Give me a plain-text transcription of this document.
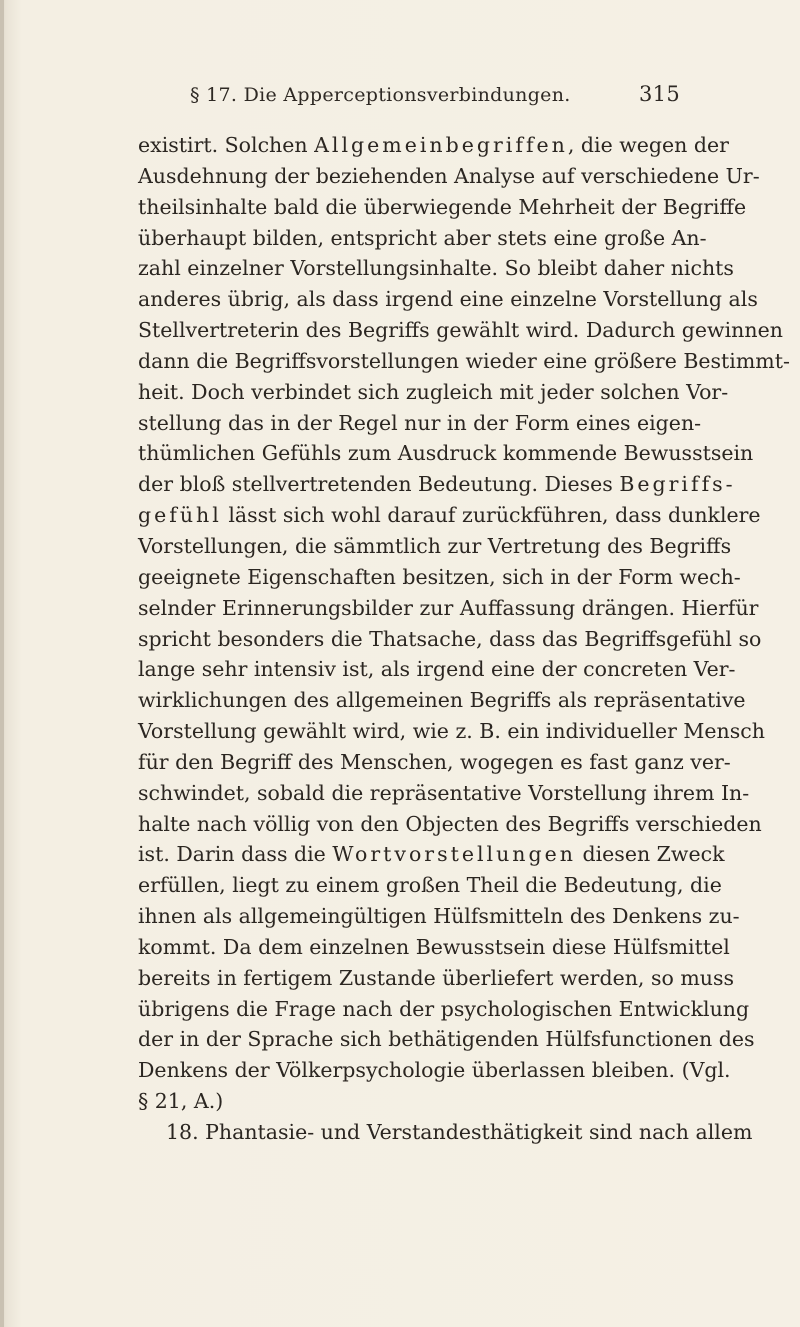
§ 17. Die Apperceptionsverbindungen.	315
existirt. Solchen Allgemeinbegriffen, die wegen der
Ausdehnung der beziehenden Analyse auf verschiedene Ur-
theilsinhalte bald die überwiegende Mehrheit der Begriffe
überhaupt bilden, entspricht aber stets eine große An-
zahl einzelner Vorstellungsinhalte. So bleibt daher nichts
anderes übrig, als dass irgend eine einzelne Vorstellung als
Stellvertreterin des Begriffs gewählt wird. Dadurch gewinnen
dann die Begriffsvorstellungen wieder eine größere Bestimmt-
heit. Doch verbindet sich zugleich mit jeder solchen Vor-
stellung das in der Regel nur in der Form eines eigen-
thümlichen Gefühls zum Ausdruck kommende Bewusstsein
der bloß stellvertretenden Bedeutung. Dieses Begriffs-
gefühl lässt sich wohl darauf zurückführen, dass dunklere
Vorstellungen, die sämmtlich zur Vertretung des Begriffs
geeignete Eigenschaften besitzen, sich in der Form wech-
selnder Erinnerungsbilder zur Auffassung drängen. Hierfür
spricht besonders die Thatsache, dass das Begriffsgefühl so
lange sehr intensiv ist, als irgend eine der concreten Ver-
wirklichungen des allgemeinen Begriffs als repräsentative
Vorstellung gewählt wird, wie z. B. ein individueller Mensch
für den Begriff des Menschen, wogegen es fast ganz ver-
schwindet, sobald die repräsentative Vorstellung ihrem In-
halte nach völlig von den Objecten des Begriffs verschieden
ist. Darin dass die Wortvorstellungen diesen Zweck
erfüllen, liegt zu einem großen Theil die Bedeutung, die
ihnen als allgemeingültigen Hülfsmitteln des Denkens zu-
kommt. Da dem einzelnen Bewusstsein diese Hülfsmittel
bereits in fertigem Zustande überliefert werden, so muss
übrigens die Frage nach der psychologischen Entwicklung
der in der Sprache sich bethätigenden Hülfsfunctionen des
Denkens der Völkerpsychologie überlassen bleiben. (Vgl.
§ 21, A.)
18. Phantasie- und Verstandesthätigkeit sind nach allem
